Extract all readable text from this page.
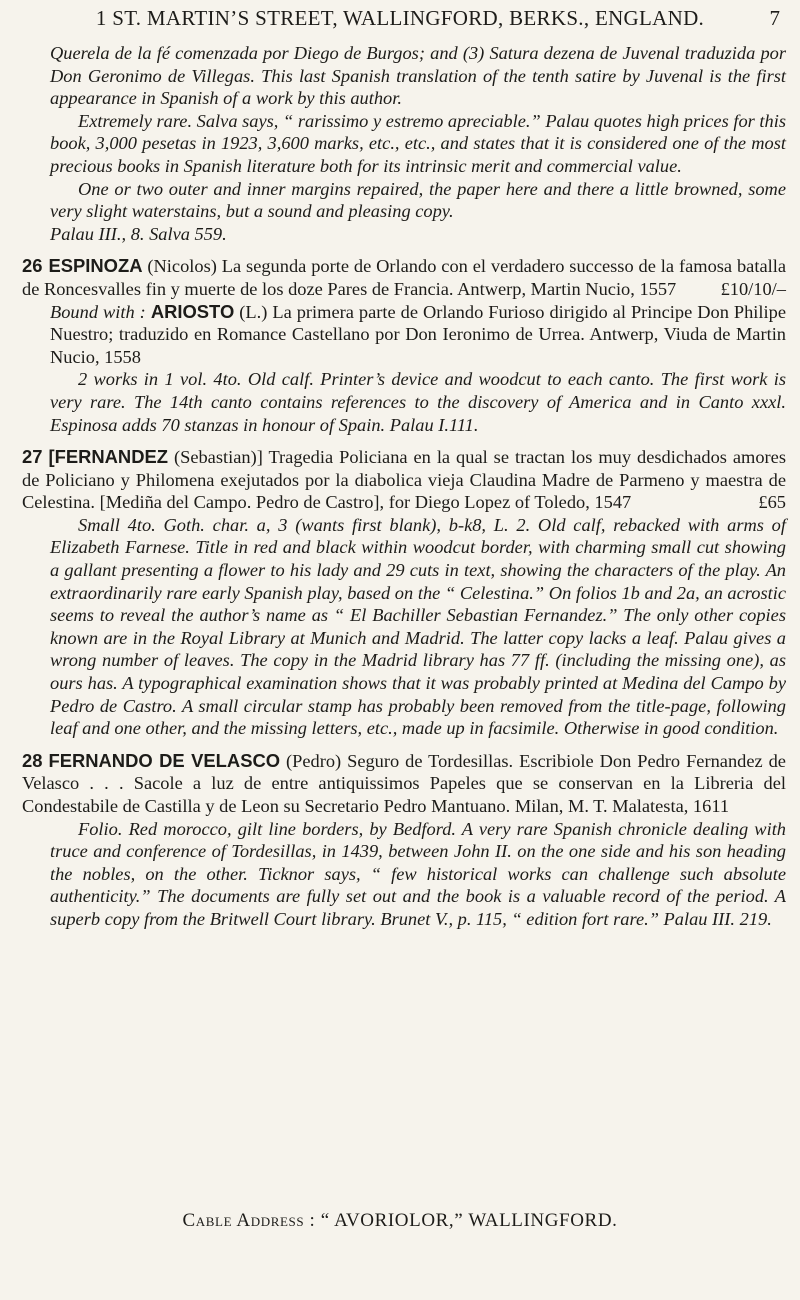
1 ST. MARTIN’S STREET, WALLINGFORD, BERKS., ENGLAND.	7

Querela de la fé comenzada por Diego de Burgos; and (3) Satura dezena de Juvenal traduzida por Don Geronimo de Villegas. This last Spanish translation of the tenth satire by Juvenal is the first appearance in Spanish of a work by this author.

Extremely rare. Salva says, “ rarissimo y estremo apreciable.” Palau quotes high prices for this book, 3,000 pesetas in 1923, 3,600 marks, etc., etc., and states that it is considered one of the most precious books in Spanish literature both for its intrinsic merit and commercial value.

One or two outer and inner margins repaired, the paper here and there a little browned, some very slight waterstains, but a sound and pleasing copy.

Palau III., 8. Salva 559.

26 ESPINOZA (Nicolos) La segunda porte de Orlando con el verdadero successo de la famosa batalla de Roncesvalles fin y muerte de los doze Pares de Francia. Antwerp, Martin Nucio, 1557 £10/10/–

Bound with : ARIOSTO (L.) La primera parte de Orlando Furioso dirigido al Principe Don Philipe Nuestro; traduzido en Romance Castellano por Don Ieronimo de Urrea. Antwerp, Viuda de Martin Nucio, 1558

2 works in 1 vol. 4to. Old calf. Printer’s device and woodcut to each canto. The first work is very rare. The 14th canto contains references to the discovery of America and in Canto xxxl. Espinosa adds 70 stanzas in honour of Spain. Palau I.111.

27 [FERNANDEZ (Sebastian)] Tragedia Policiana en la qual se tractan los muy desdichados amores de Policiano y Philomena exejutados por la diabolica vieja Claudina Madre de Parmeno y maestra de Celestina. [Mediña del Campo. Pedro de Castro], for Diego Lopez of Toledo, 1547	£65

Small 4to. Goth. char. a, 3 (wants first blank), b-k8, L. 2. Old calf, rebacked with arms of Elizabeth Farnese. Title in red and black within woodcut border, with charming small cut showing a gallant presenting a flower to his lady and 29 cuts in text, showing the characters of the play. An extraordinarily rare early Spanish play, based on the “ Celestina.” On folios 1b and 2a, an acrostic seems to reveal the author’s name as “ El Bachiller Sebastian Fernandez.” The only other copies known are in the Royal Library at Munich and Madrid. The latter copy lacks a leaf. Palau gives a wrong number of leaves. The copy in the Madrid library has 77 ff. (including the missing one), as ours has. A typographical examination shows that it was probably printed at Medina del Campo by Pedro de Castro. A small circular stamp has probably been removed from the title-page, following leaf and one other, and the missing letters, etc., made up in facsimile. Otherwise in good condition.

28 FERNANDO DE VELASCO (Pedro) Seguro de Tordesillas. Escribiole Don Pedro Fernandez de Velasco . . . Sacole a luz de entre antiquissimos Papeles que se conservan en la Libreria del Condestabile de Castilla y de Leon su Secretario Pedro Mantuano. Milan, M. T. Malatesta, 1611

Folio. Red morocco, gilt line borders, by Bedford. A very rare Spanish chronicle dealing with truce and conference of Tordesillas, in 1439, between John II. on the one side and his son heading the nobles, on the other. Ticknor says, “ few historical works can challenge such absolute authenticity.” The documents are fully set out and the book is a valuable record of the period. A superb copy from the Britwell Court library. Brunet V., p. 115, “ edition fort rare.” Palau III. 219.

Cable Address : “ AVORIOLOR,” WALLINGFORD.
